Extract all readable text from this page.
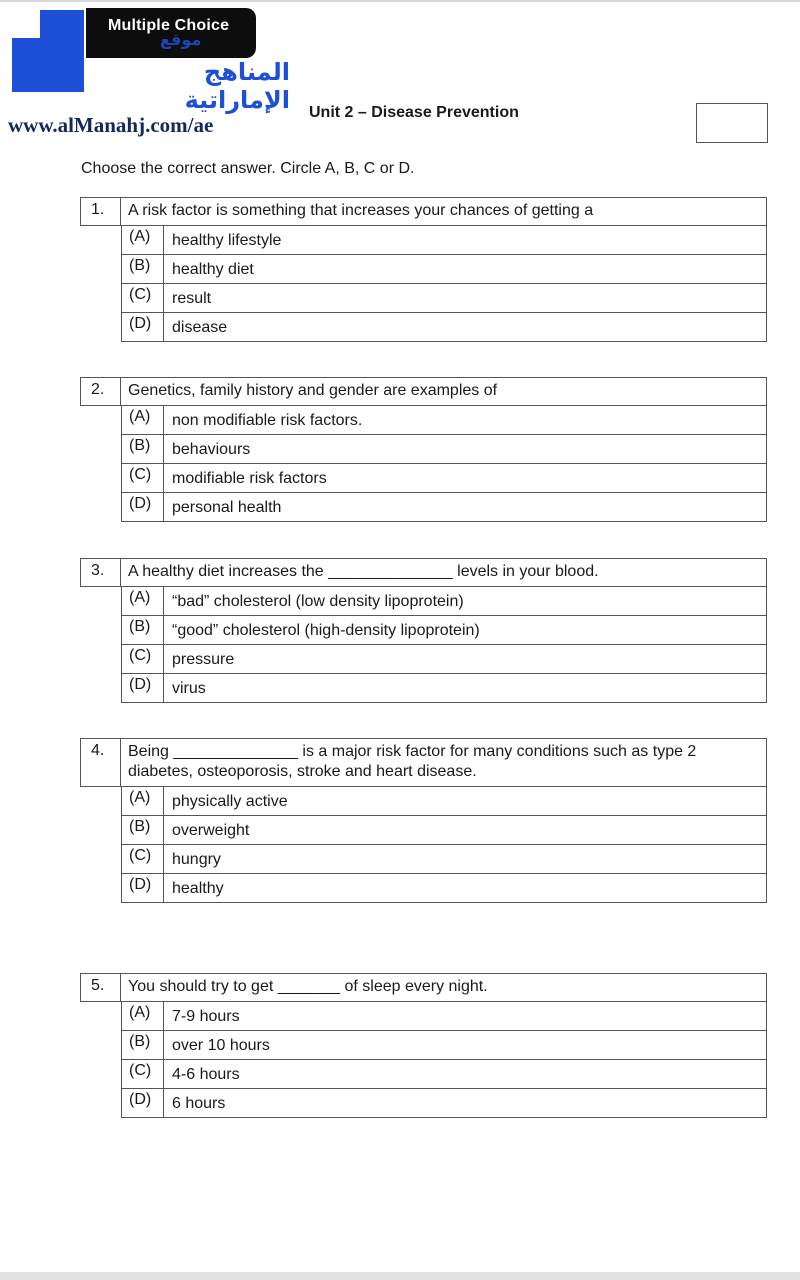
Multiple Choice
موقع
المناهج الإماراتية
www.alManahj.com/ae
Unit 2 – Disease Prevention
Choose the correct answer. Circle A, B, C or D.
1.	A risk factor is something that increases your chances of getting a
(A)	healthy lifestyle
(B)	healthy diet
(C)	result
(D)	disease
2.	Genetics, family history and gender are examples of
(A)	non modifiable risk factors.
(B)	behaviours
(C)	modifiable risk factors
(D)	personal health
3.	A healthy diet increases the ______________ levels in your blood.
(A)	“bad” cholesterol (low density lipoprotein)
(B)	“good” cholesterol (high-density lipoprotein)
(C)	pressure
(D)	virus
4.	Being ______________ is a major risk factor for many conditions such as type 2 diabetes, osteoporosis, stroke and heart disease.
(A)	physically active
(B)	overweight
(C)	hungry
(D)	healthy
5.	You should try to get _______ of sleep every night.
(A)	7-9 hours
(B)	over 10 hours
(C)	4-6 hours
(D)	6 hours
